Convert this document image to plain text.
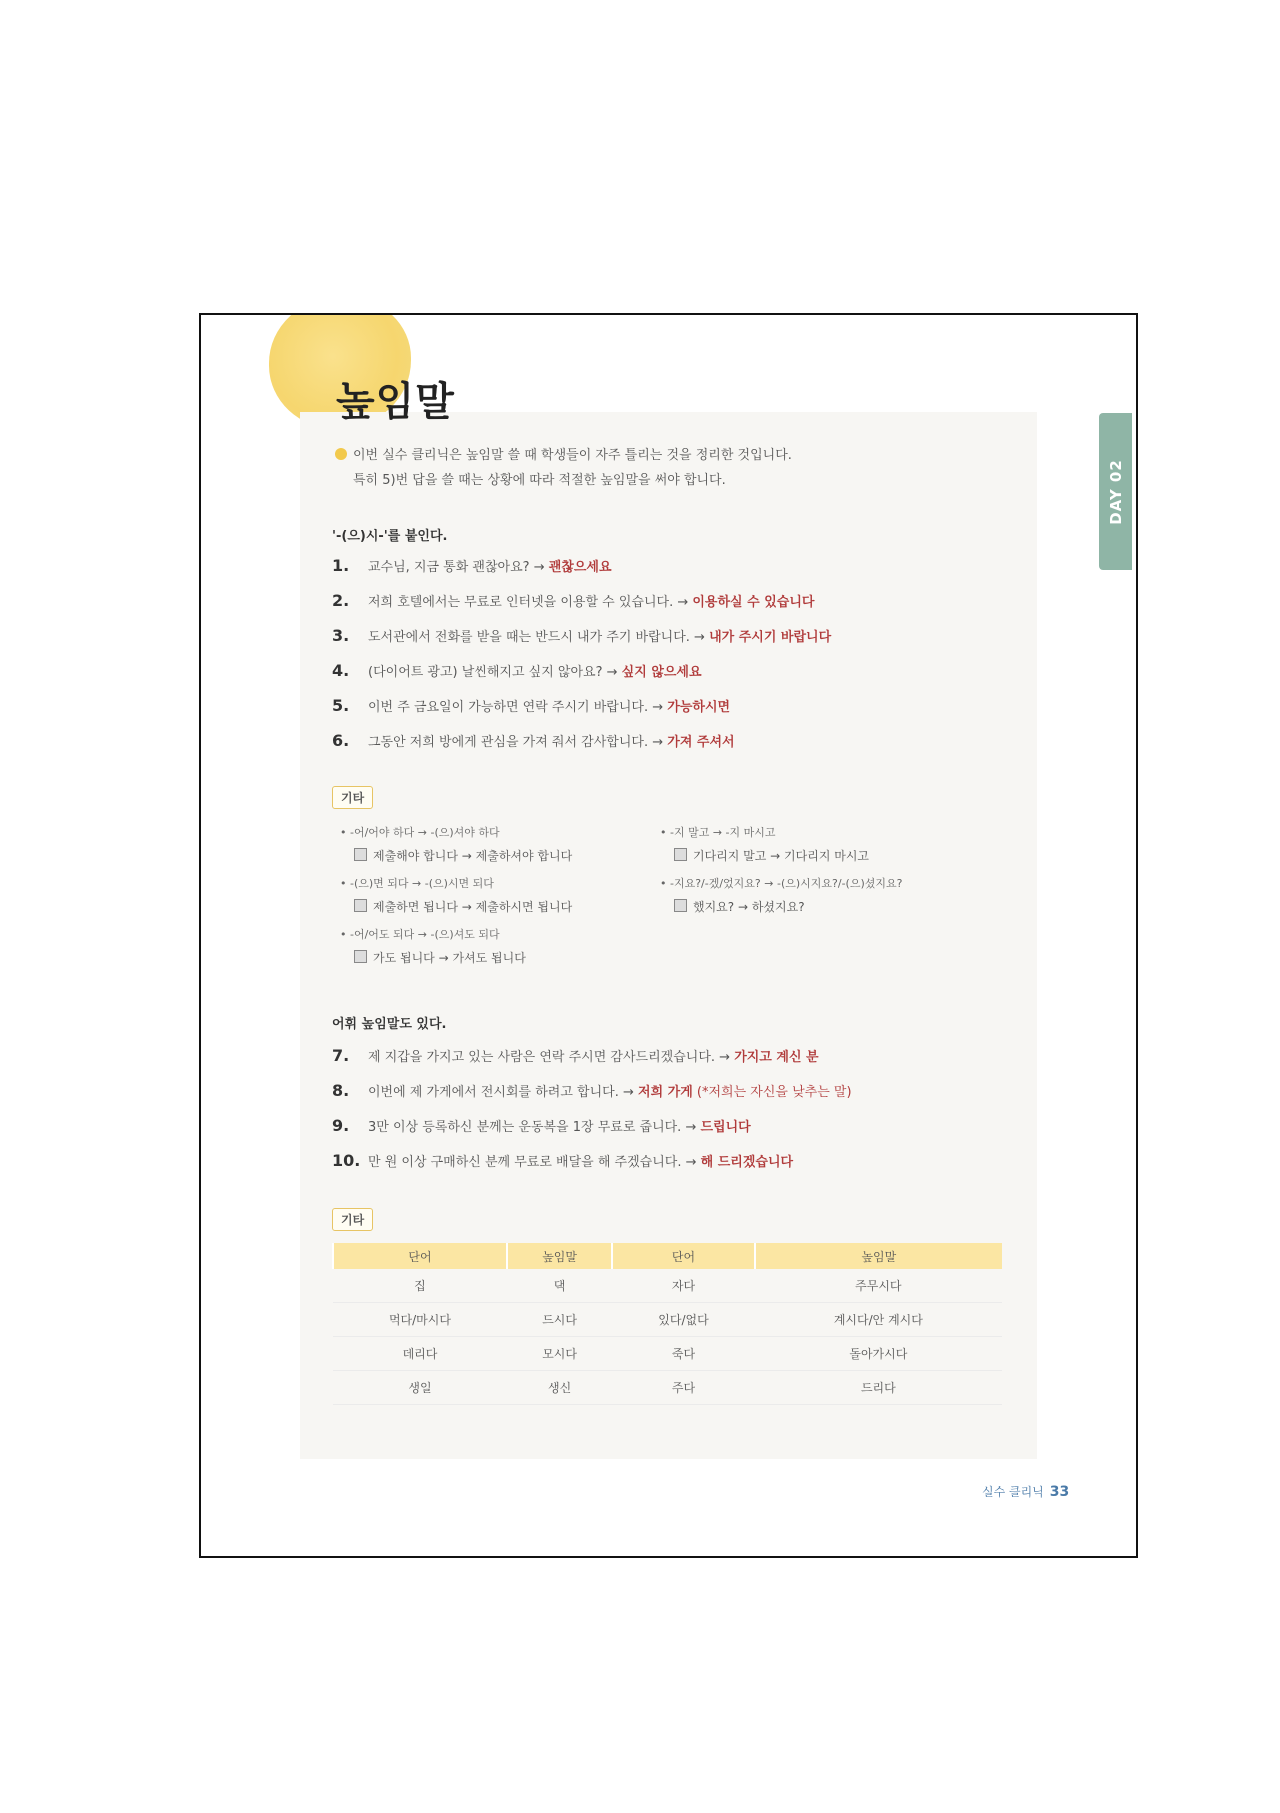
높임말
DAY 02
이번 실수 클리닉은 높임말 쓸 때 학생들이 자주 틀리는 것을 정리한 것입니다.
특히 5)번 답을 쓸 때는 상황에 따라 적절한 높임말을 써야 합니다.
'-(으)시-'를 붙인다.
1. 교수님, 지금 통화 괜찮아요? → 괜찮으세요
2. 저희 호텔에서는 무료로 인터넷을 이용할 수 있습니다. → 이용하실 수 있습니다
3. 도서관에서 전화를 받을 때는 반드시 내가 주기 바랍니다. → 내가 주시기 바랍니다
4. (다이어트 광고) 날씬해지고 싶지 않아요? → 싶지 않으세요
5. 이번 주 금요일이 가능하면 연락 주시기 바랍니다. → 가능하시면
6. 그동안 저희 방에게 관심을 가져 줘서 감사합니다. → 가져 주셔서
기타
• -어/어야 하다 → -(으)셔야 하다
제출해야 합니다 → 제출하셔야 합니다
• -(으)면 되다 → -(으)시면 되다
제출하면 됩니다 → 제출하시면 됩니다
• -어/어도 되다 → -(으)셔도 되다
가도 됩니다 → 가셔도 됩니다
• -지 말고 → -지 마시고
기다리지 말고 → 기다리지 마시고
• -지요?/-겠/었지요? → -(으)시지요?/-(으)셨지요?
했지요? → 하셨지요?
어휘 높임말도 있다.
7. 제 지갑을 가지고 있는 사람은 연락 주시면 감사드리겠습니다. → 가지고 계신 분
8. 이번에 제 가게에서 전시회를 하려고 합니다. → 저희 가게 (*저희는 자신을 낮추는 말)
9. 3만 이상 등록하신 분께는 운동복을 1장 무료로 줍니다. → 드립니다
10. 만 원 이상 구매하신 분께 무료로 배달을 해 주겠습니다. → 해 드리겠습니다
기타
단어	높임말	단어	높임말
집	댁	자다	주무시다
먹다/마시다	드시다	있다/없다	계시다/안 계시다
데리다	모시다	죽다	돌아가시다
생일	생신	주다	드리다
실수 클리닉 33
